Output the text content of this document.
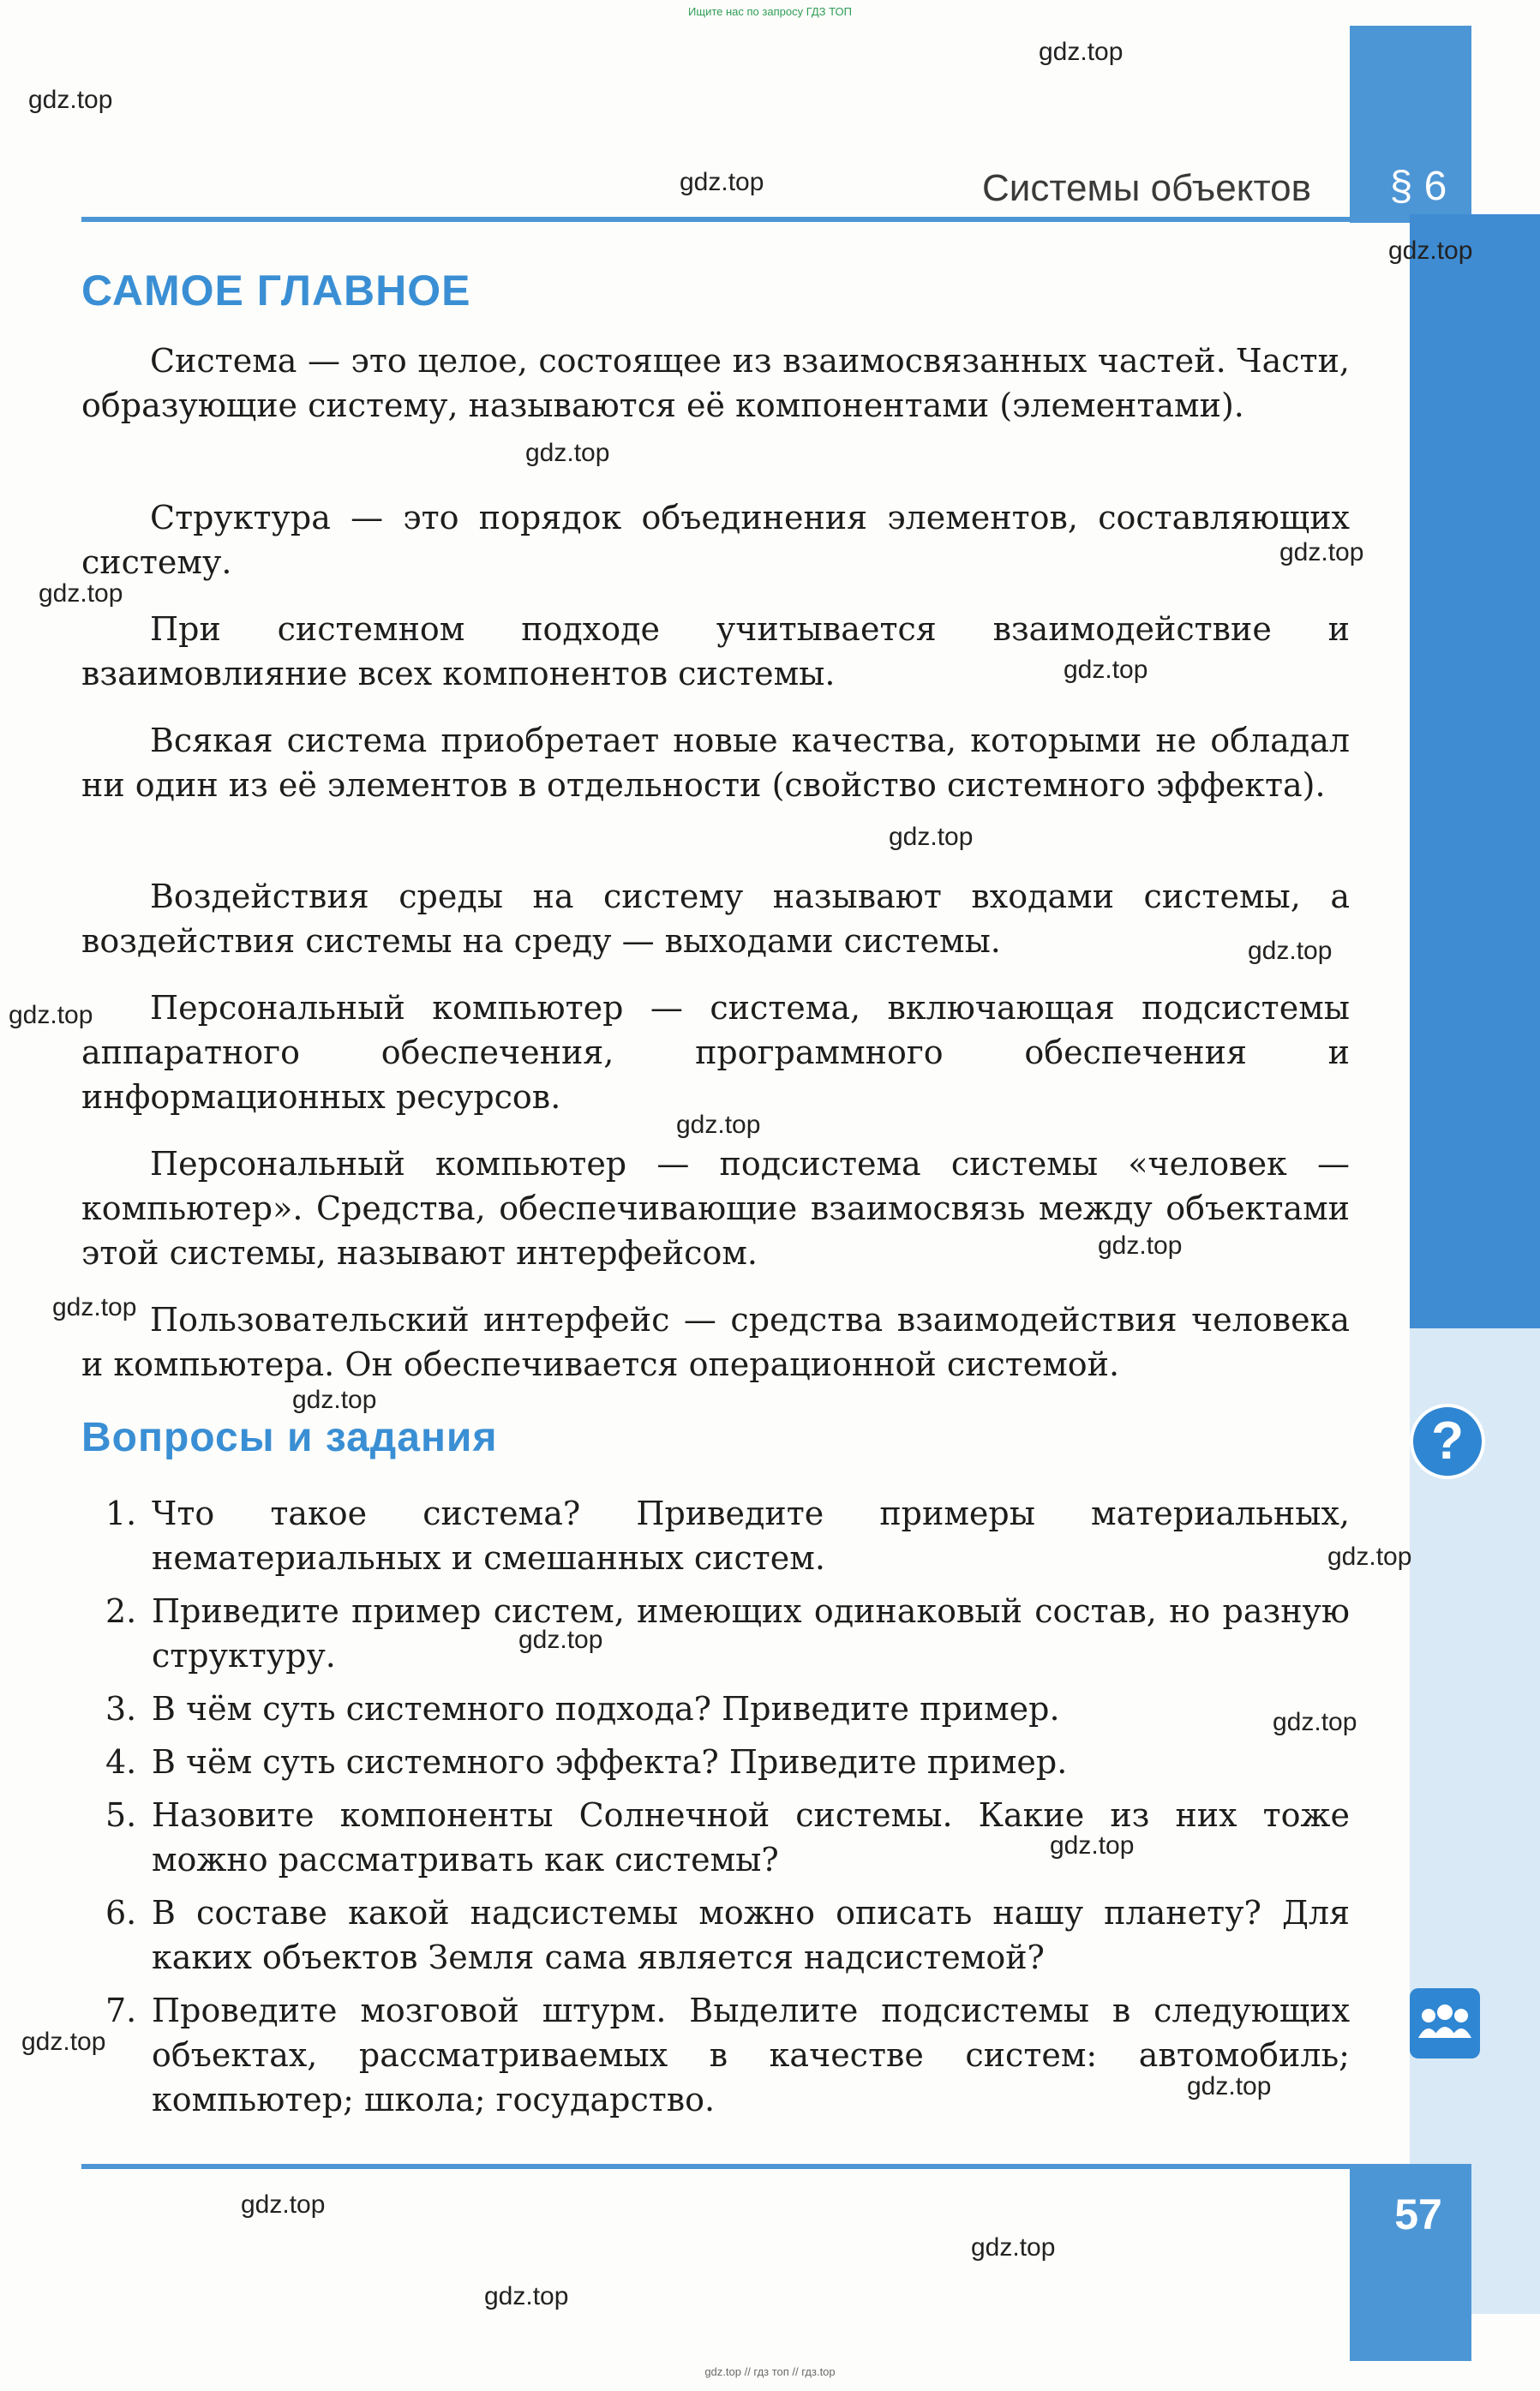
Ищите нас по запросу ГДЗ ТОП
§ 6
Системы объектов
САМОЕ ГЛАВНОЕ

Система — это целое, состоящее из взаимосвязанных частей. Части, образующие систему, называются её компонентами (элементами).

Структура — это порядок объединения элементов, составляющих систему.

При системном подходе учитывается взаимодействие и взаимовлияние всех компонентов системы.

Всякая система приобретает новые качества, которыми не обладал ни один из её элементов в отдельности (свойство системного эффекта).

Воздействия среды на систему называют входами системы, а воздействия системы на среду — выходами системы.

Персональный компьютер — система, включающая подсистемы аппаратного обеспечения, программного обеспечения и информационных ресурсов.

Персональный компьютер — подсистема системы «человек — компьютер». Средства, обеспечивающие взаимосвязь между объектами этой системы, называют интерфейсом.

Пользовательский интерфейс — средства взаимодействия человека и компьютера. Он обеспечивается операционной системой.

Вопросы и задания	?
1. Что такое система? Приведите примеры материальных, нематериальных и смешанных систем.
2. Приведите пример систем, имеющих одинаковый состав, но разную структуру.
3. В чём суть системного подхода? Приведите пример.
4. В чём суть системного эффекта? Приведите пример.
5. Назовите компоненты Солнечной системы. Какие из них тоже можно рассматривать как системы?
6. В составе какой надсистемы можно описать нашу планету? Для каких объектов Земля сама является надсистемой?
7. Проведите мозговой штурм. Выделите подсистемы в следующих объектах, рассматриваемых в качестве систем: автомобиль; компьютер; школа; государство.
57
gdz.top // гдз топ // гдз.top
gdz.top
gdz.top
gdz.top
gdz.top
gdz.top
gdz.top
gdz.top
gdz.top
gdz.top
gdz.top
gdz.top
gdz.top
gdz.top
gdz.top
gdz.top
gdz.top
gdz.top
gdz.top
gdz.top
gdz.top
gdz.top
gdz.top
gdz.top
gdz.top
